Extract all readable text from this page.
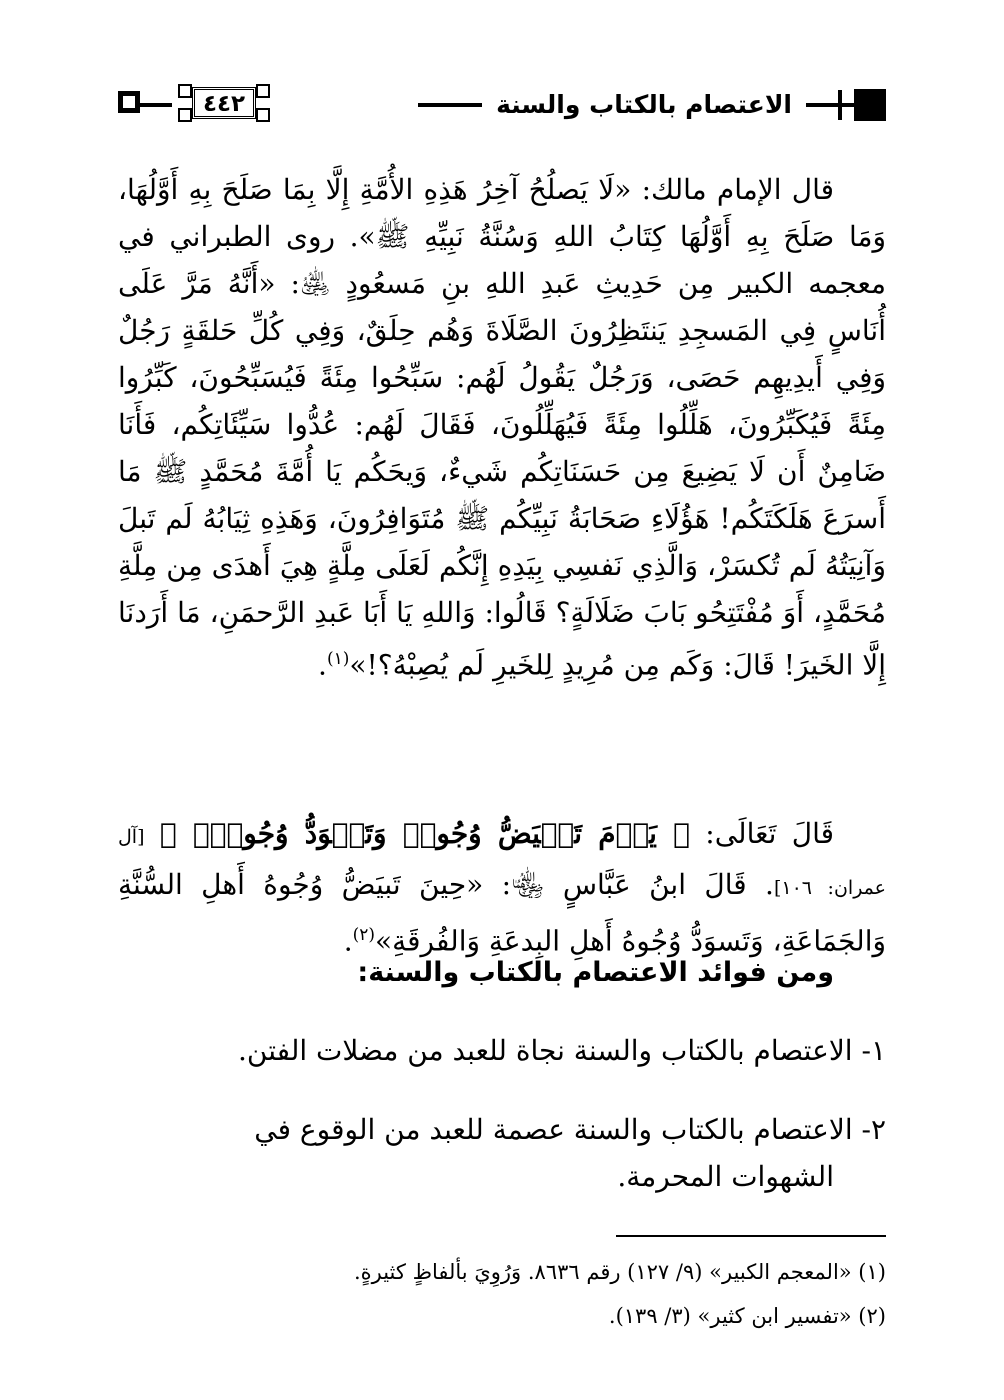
الاعتصام بالكتاب والسنة
٤٤٢
قال الإمام مالك: «لَا يَصلُحُ آخِرُ هَذِهِ الأُمَّةِ إِلَّا بِمَا صَلَحَ بِهِ أَوَّلُهَا، وَمَا صَلَحَ بِهِ أَوَّلُهَا كِتَابُ اللهِ وَسُنَّةُ نَبِيِّهِ ﷺ». روى الطبراني في معجمه الكبير مِن حَدِيثِ عَبدِ اللهِ بنِ مَسعُودٍ ﵁: «أَنَّهُ مَرَّ عَلَى أُنَاسٍ فِي المَسجِدِ يَنتَظِرُونَ الصَّلَاةَ وَهُم حِلَقٌ، وَفِي كُلِّ حَلقَةٍ رَجُلٌ وَفِي أَيدِيهِم حَصَى، وَرَجُلٌ يَقُولُ لَهُم: سَبِّحُوا مِئَةً فَيُسَبِّحُونَ، كَبِّرُوا مِئَةً فَيُكَبِّرُونَ، هَلِّلُوا مِئَةً فَيُهَلِّلُونَ، فَقَالَ لَهُم: عُدُّوا سَيِّئَاتِكُم، فَأَنَا ضَامِنٌ أَن لَا يَضِيعَ مِن حَسَنَاتِكُم شَيءٌ، وَيحَكُم يَا أُمَّةَ مُحَمَّدٍ ﷺ مَا أَسرَعَ هَلَكَتَكُم! هَؤُلَاءِ صَحَابَةُ نَبِيِّكُم ﷺ مُتَوَافِرُونَ، وَهَذِهِ ثِيَابُهُ لَم تَبلَ وَآنِيَتُهُ لَم تُكسَرْ، وَالَّذِي نَفسِي بِيَدِهِ إِنَّكُم لَعَلَى مِلَّةٍ هِيَ أَهدَى مِن مِلَّةِ مُحَمَّدٍ، أَوَ مُفْتَتِحُو بَابَ ضَلَالَةٍ؟ قَالُوا: وَاللهِ يَا أَبَا عَبدِ الرَّحمَنِ، مَا أَرَدنَا إِلَّا الخَيرَ! قَالَ: وَكَم مِن مُرِيدٍ لِلخَيرِ لَم يُصِبْهُ؟!»$^{(١)}$.
قَالَ تَعَالَى: ﴿ يَوۡمَ تَبۡيَضُّ وُجُوهٞ وَتَسۡوَدُّ وُجُوهٞۚ ﴾ [آل عمران: ١٠٦]. قَالَ ابنُ عَبَّاسٍ ﵄: «حِينَ تَبيَضُّ وُجُوهُ أَهلِ السُّنَّةِ وَالجَمَاعَةِ، وَتَسوَدُّ وُجُوهُ أَهلِ البِدعَةِ وَالفُرقَةِ»$^{(٢)}$.
ومن فوائد الاعتصام بالكتاب والسنة:
١- الاعتصام بالكتاب والسنة نجاة للعبد من مضلات الفتن.
٢- الاعتصام بالكتاب والسنة عصمة للعبد من الوقوع في
الشهوات المحرمة.
(١) «المعجم الكبير» (٩/ ١٢٧) رقم ٨٦٣٦. وَرُوِيَ بألفاظٍ كثيرةٍ.
(٢) «تفسير ابن كثير» (٣/ ١٣٩).
